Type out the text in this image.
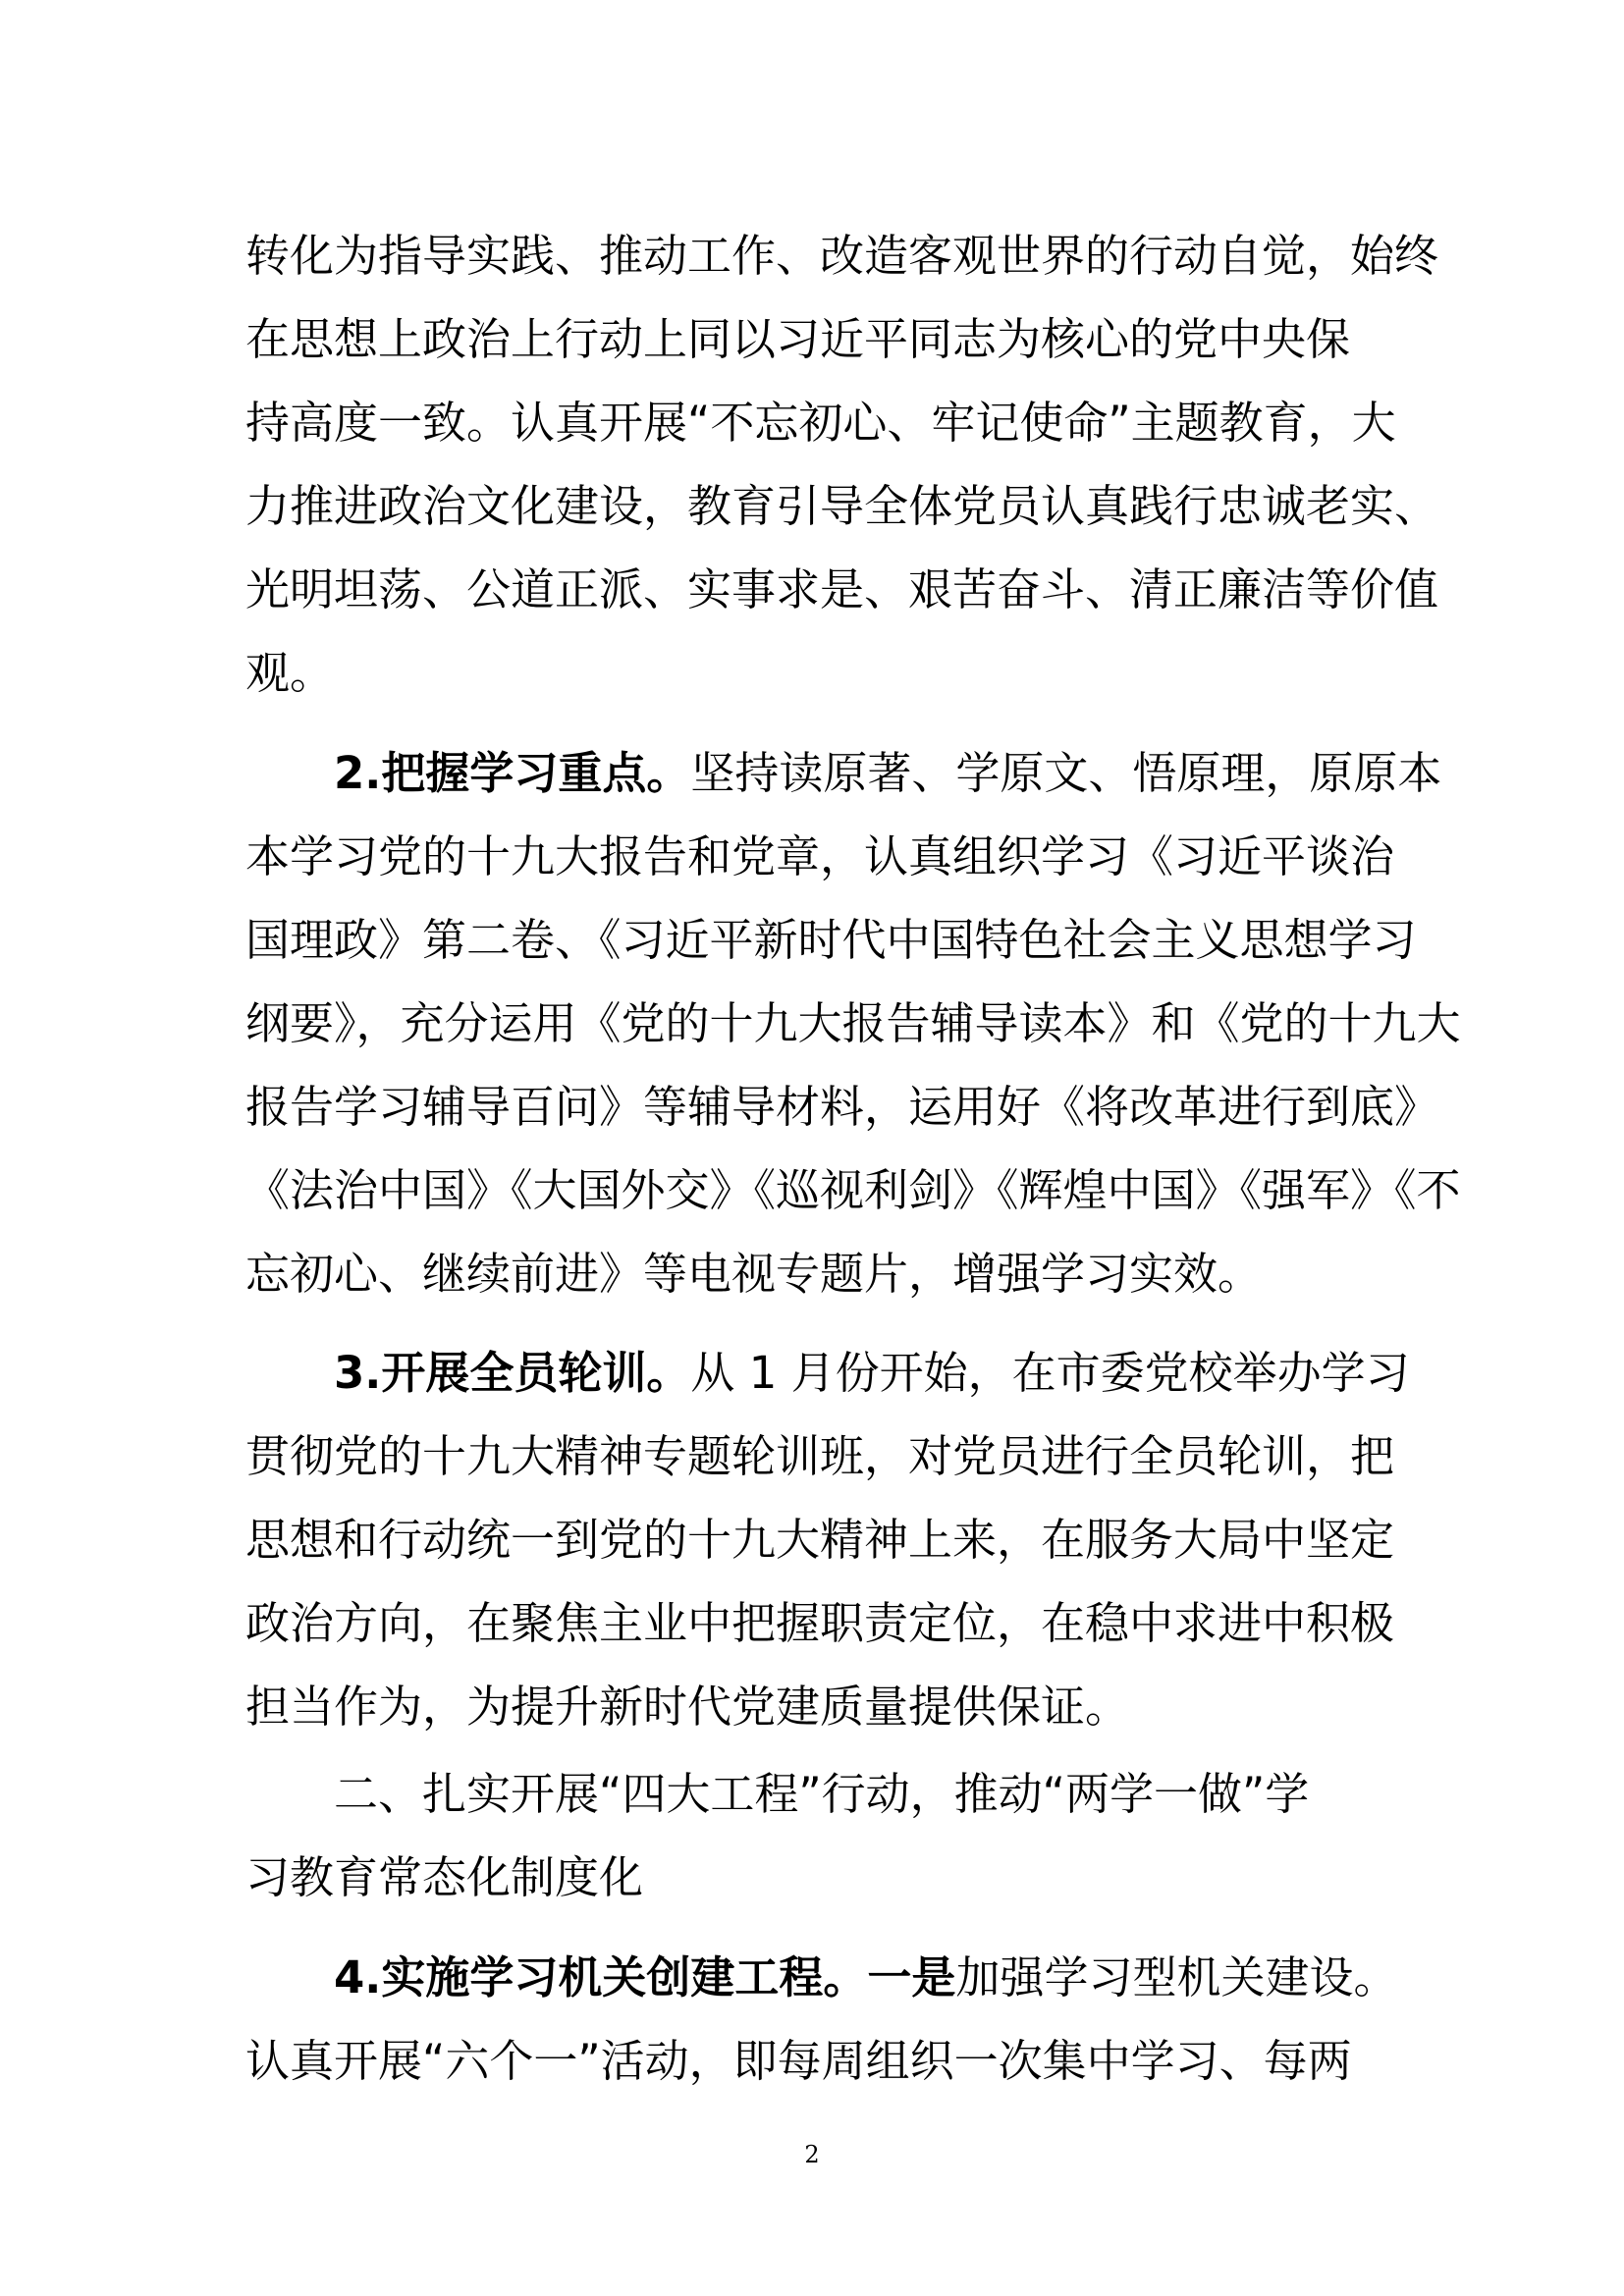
转化为指导实践、推动工作、改造客观世界的行动自觉，始终
在思想上政治上行动上同以习近平同志为核心的党中央保
持高度一致。认真开展“不忘初心、牢记使命”主题教育，大
力推进政治文化建设，教育引导全体党员认真践行忠诚老实、
光明坦荡、公道正派、实事求是、艰苦奋斗、清正廉洁等价值
观。
2.把握学习重点。坚持读原著、学原文、悟原理，原原本
本学习党的十九大报告和党章，认真组织学习《习近平谈治
国理政》第二卷、《习近平新时代中国特色社会主义思想学习
纲要》，充分运用《党的十九大报告辅导读本》和《党的十九大
报告学习辅导百问》等辅导材料，运用好《将改革进行到底》
《法治中国》《大国外交》《巡视利剑》《辉煌中国》《强军》《不
忘初心、继续前进》等电视专题片，增强学习实效。
3.开展全员轮训。从 1 月份开始，在市委党校举办学习
贯彻党的十九大精神专题轮训班，对党员进行全员轮训，把
思想和行动统一到党的十九大精神上来，在服务大局中坚定
政治方向，在聚焦主业中把握职责定位，在稳中求进中积极
担当作为，为提升新时代党建质量提供保证。
二、扎实开展“四大工程”行动，推动“两学一做”学
习教育常态化制度化
4.实施学习机关创建工程。一是加强学习型机关建设。
认真开展“六个一”活动，即每周组织一次集中学习、每两
2
